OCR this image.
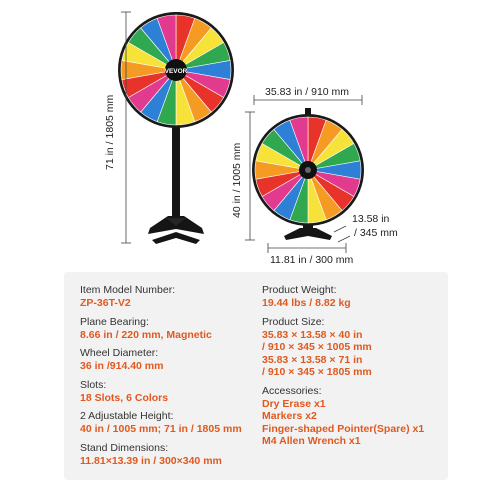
VEVOR
71 in / 1805 mm
35.83 in / 910 mm
40 in / 1005 mm
13.58 in
/ 345 mm
11.81 in / 300 mm
Item Model Number:
ZP-36T-V2
Plane Bearing:
8.66 in / 220 mm, Magnetic
Wheel Diameter:
36 in /914.40 mm
Slots:
18 Slots, 6 Colors
2 Adjustable Height:
40 in / 1005 mm; 71 in / 1805 mm
Stand Dimensions:
11.81×13.39 in / 300×340 mm
Product Weight:
19.44 lbs / 8.82 kg
Product Size:
35.83 × 13.58 × 40 in
/ 910 × 345 × 1005 mm
35.83 × 13.58 × 71 in
/ 910 × 345 × 1805 mm
Accessories:
Dry Erase x1
Markers x2
Finger-shaped Pointer(Spare) x1
M4 Allen Wrench x1
